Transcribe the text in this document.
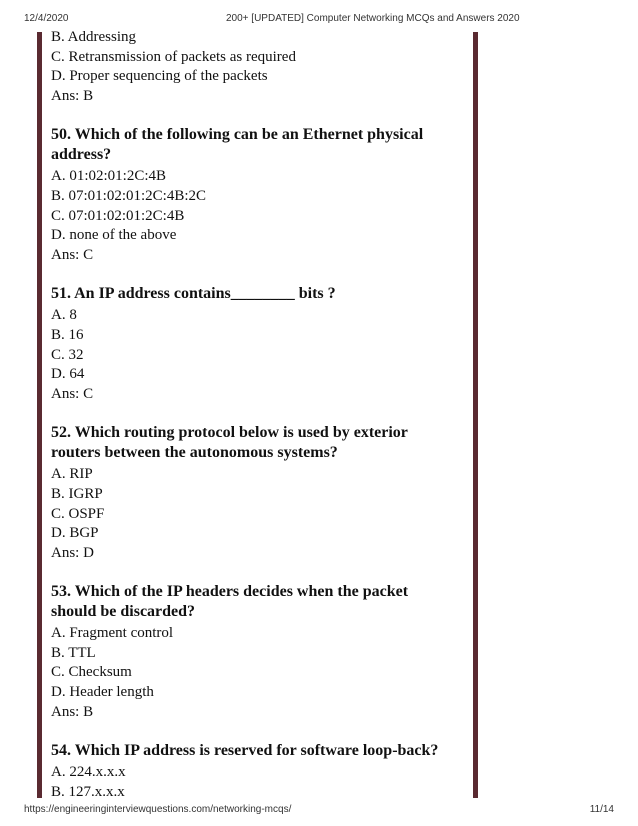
12/4/2020	200+ [UPDATED] Computer Networking MCQs and Answers 2020
B. Addressing
C. Retransmission of packets as required
D. Proper sequencing of the packets
Ans: B
50. Which of the following can be an Ethernet physical
address?
A. 01:02:01:2C:4B
B. 07:01:02:01:2C:4B:2C
C. 07:01:02:01:2C:4B
D. none of the above
Ans: C
51. An IP address contains________ bits ?
A. 8
B. 16
C. 32
D. 64
Ans: C
52. Which routing protocol below is used by exterior
routers between the autonomous systems?
A. RIP
B. IGRP
C. OSPF
D. BGP
Ans: D
53. Which of the IP headers decides when the packet
should be discarded?
A. Fragment control
B. TTL
C. Checksum
D. Header length
Ans: B
54. Which IP address is reserved for software loop-back?
A. 224.x.x.x
B. 127.x.x.x
https://engineeringinterviewquestions.com/networking-mcqs/	11/14
